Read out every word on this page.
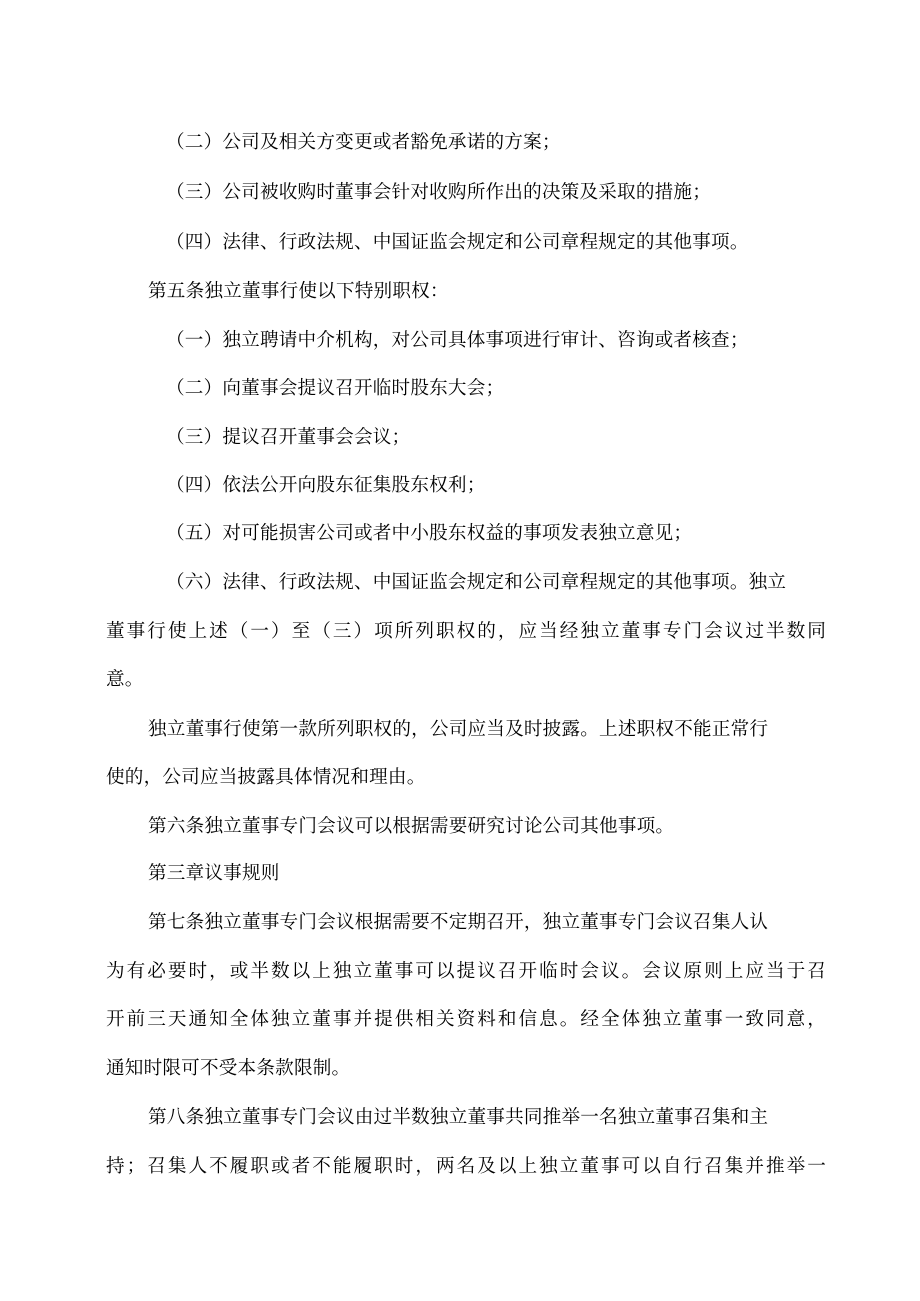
（二）公司及相关方变更或者豁免承诺的方案；

（三）公司被收购时董事会针对收购所作出的决策及采取的措施；

（四）法律、行政法规、中国证监会规定和公司章程规定的其他事项。

第五条独立董事行使以下特别职权：

（一）独立聘请中介机构，对公司具体事项进行审计、咨询或者核查；

（二）向董事会提议召开临时股东大会；

（三）提议召开董事会会议；

（四）依法公开向股东征集股东权利；

（五）对可能损害公司或者中小股东权益的事项发表独立意见；

（六）法律、行政法规、中国证监会规定和公司章程规定的其他事项。独立

董事行使上述（一）至（三）项所列职权的，应当经独立董事专门会议过半数同

意。

独立董事行使第一款所列职权的，公司应当及时披露。上述职权不能正常行

使的，公司应当披露具体情况和理由。

第六条独立董事专门会议可以根据需要研究讨论公司其他事项。

第三章议事规则

第七条独立董事专门会议根据需要不定期召开，独立董事专门会议召集人认

为有必要时，或半数以上独立董事可以提议召开临时会议。会议原则上应当于召

开前三天通知全体独立董事并提供相关资料和信息。经全体独立董事一致同意，

通知时限可不受本条款限制。

第八条独立董事专门会议由过半数独立董事共同推举一名独立董事召集和主

持；召集人不履职或者不能履职时，两名及以上独立董事可以自行召集并推举一
